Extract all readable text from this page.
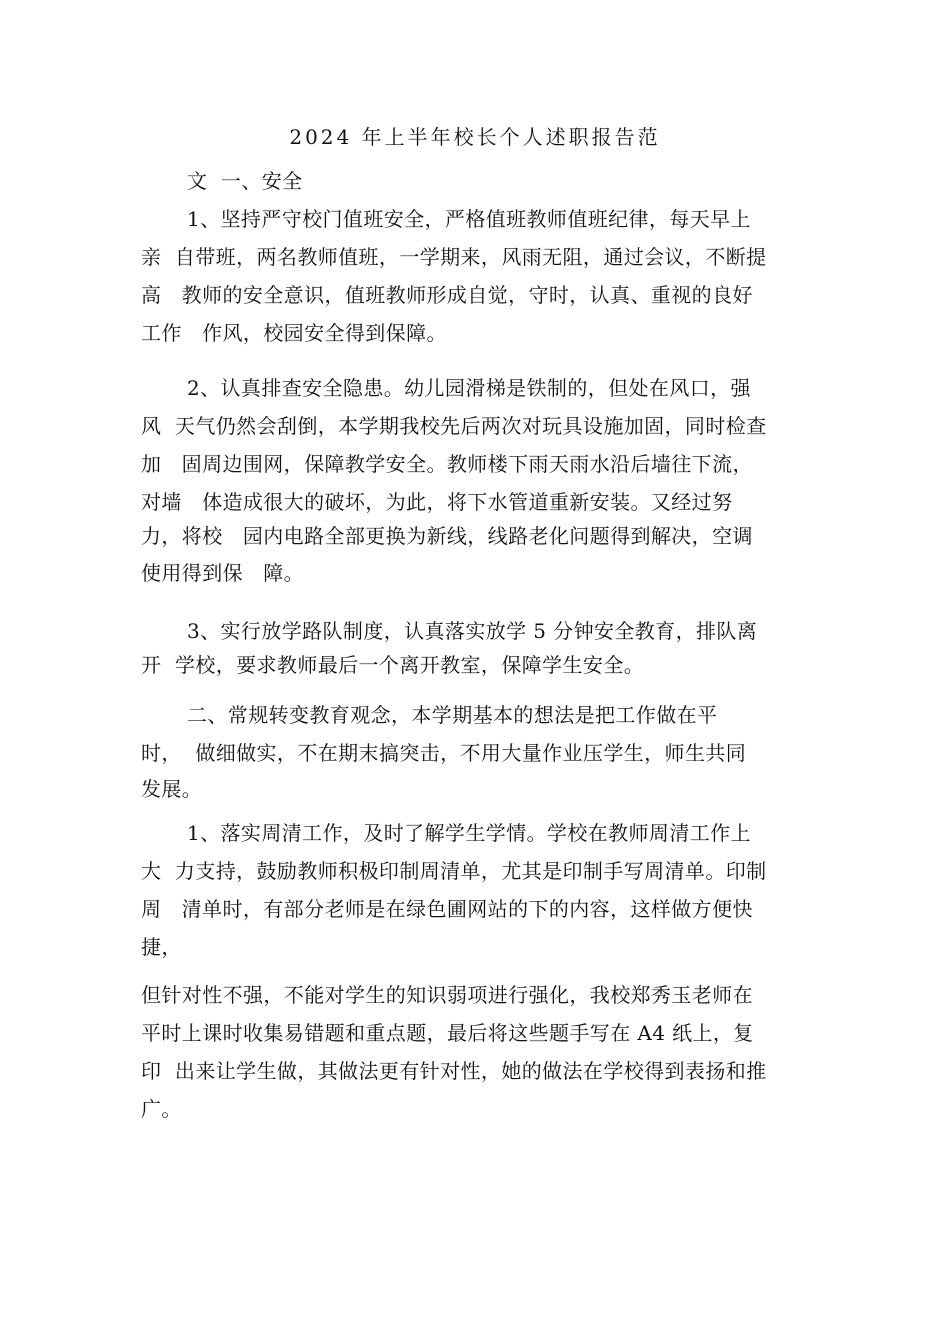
2024 年上半年校长个人述职报告范
文  一、安全
1、坚持严守校门值班安全，严格值班教师值班纪律，每天早上
亲  自带班，两名教师值班，一学期来，风雨无阻，通过会议，不断提
高   教师的安全意识，值班教师形成自觉，守时，认真、重视的良好
工作   作风，校园安全得到保障。
2、认真排查安全隐患。幼儿园滑梯是铁制的，但处在风口，强
风  天气仍然会刮倒，本学期我校先后两次对玩具设施加固，同时检查
加   固周边围网，保障教学安全。教师楼下雨天雨水沿后墙往下流，
对墙   体造成很大的破坏，为此，将下水管道重新安装。又经过努
力，将校   园内电路全部更换为新线，线路老化问题得到解决，空调
使用得到保   障。
3、实行放学路队制度，认真落实放学 5 分钟安全教育，排队离
开  学校，要求教师最后一个离开教室，保障学生安全。
二、常规转变教育观念，本学期基本的想法是把工作做在平
时，  做细做实，不在期末搞突击，不用大量作业压学生，师生共同
发展。
1、落实周清工作，及时了解学生学情。学校在教师周清工作上
大  力支持，鼓励教师积极印制周清单，尤其是印制手写周清单。印制
周   清单时，有部分老师是在绿色圃网站的下的内容，这样做方便快
捷，
但针对性不强，不能对学生的知识弱项进行强化，我校郑秀玉老师在
平时上课时收集易错题和重点题，最后将这些题手写在 A4 纸上，复
印  出来让学生做，其做法更有针对性，她的做法在学校得到表扬和推
广。
